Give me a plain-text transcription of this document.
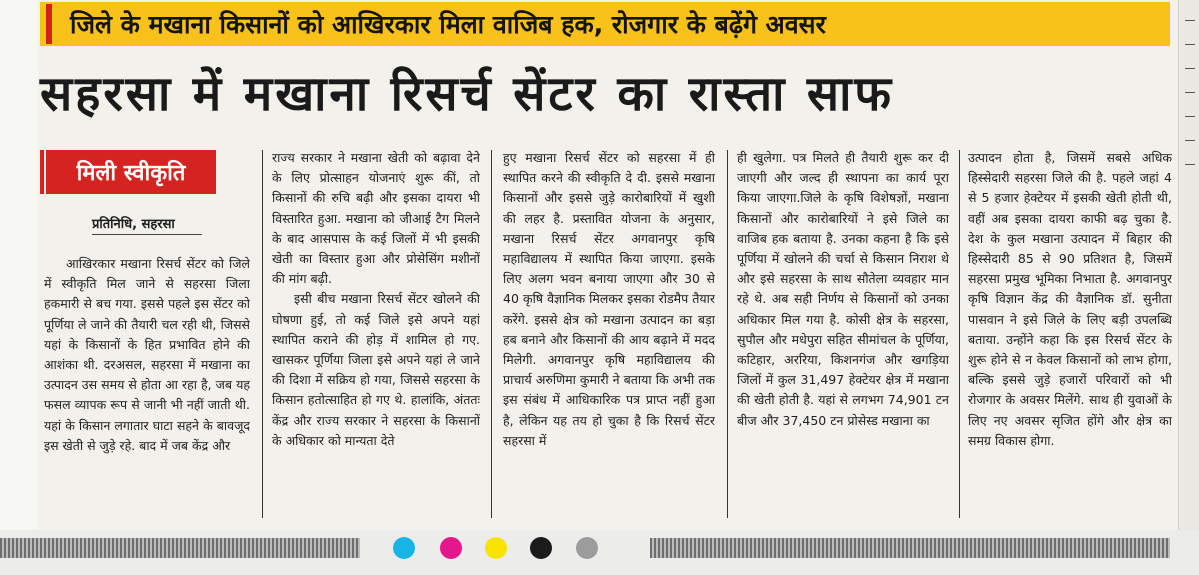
जिले के मखाना किसानों को आखिरकार मिला वाजिब हक, रोजगार के बढ़ेंगे अवसर
सहरसा में मखाना रिसर्च सेंटर का रास्ता साफ
मिली स्वीकृति
प्रतिनिधि, सहरसा

आखिरकार मखाना रिसर्च सेंटर को जिले में स्वीकृति मिल जाने से सहरसा जिला हकमारी से बच गया. इससे पहले इस सेंटर को पूर्णिया ले जाने की तैयारी चल रही थी, जिससे यहां के किसानों के हित प्रभावित होने की आशंका थी. दरअसल, सहरसा में मखाना का उत्पादन उस समय से होता आ रहा है, जब यह फसल व्यापक रूप से जानी भी नहीं जाती थी. यहां के किसान लगातार घाटा सहने के बावजूद इस खेती से जुड़े रहे. बाद में जब केंद्र और

राज्य सरकार ने मखाना खेती को बढ़ावा देने के लिए प्रोत्साहन योजनाएं शुरू कीं, तो किसानों की रुचि बढ़ी और इसका दायरा भी विस्तारित हुआ. मखाना को जीआई टैग मिलने के बाद आसपास के कई जिलों में भी इसकी खेती का विस्तार हुआ और प्रोसेसिंग मशीनों की मांग बढ़ी.

इसी बीच मखाना रिसर्च सेंटर खोलने की घोषणा हुई, तो कई जिले इसे अपने यहां स्थापित कराने की होड़ में शामिल हो गए. खासकर पूर्णिया जिला इसे अपने यहां ले जाने की दिशा में सक्रिय हो गया, जिससे सहरसा के किसान हतोत्साहित हो गए थे. हालांकि, अंततः केंद्र और राज्य सरकार ने सहरसा के किसानों के अधिकार को मान्यता देते

हुए मखाना रिसर्च सेंटर को सहरसा में ही स्थापित करने की स्वीकृति दे दी. इससे मखाना किसानों और इससे जुड़े कारोबारियों में खुशी की लहर है. प्रस्तावित योजना के अनुसार, मखाना रिसर्च सेंटर अगवानपुर कृषि महाविद्यालय में स्थापित किया जाएगा. इसके लिए अलग भवन बनाया जाएगा और 30 से 40 कृषि वैज्ञानिक मिलकर इसका रोडमैप तैयार करेंगे. इससे क्षेत्र को मखाना उत्पादन का बड़ा हब बनाने और किसानों की आय बढ़ाने में मदद मिलेगी. अगवानपुर कृषि महाविद्यालय की प्राचार्य अरुणिमा कुमारी ने बताया कि अभी तक इस संबंध में आधिकारिक पत्र प्राप्त नहीं हुआ है, लेकिन यह तय हो चुका है कि रिसर्च सेंटर सहरसा में

ही खुलेगा. पत्र मिलते ही तैयारी शुरू कर दी जाएगी और जल्द ही स्थापना का कार्य पूरा किया जाएगा.जिले के कृषि विशेषज्ञों, मखाना किसानों और कारोबारियों ने इसे जिले का वाजिब हक बताया है. उनका कहना है कि इसे पूर्णिया में खोलने की चर्चा से किसान निराश थे और इसे सहरसा के साथ सौतेला व्यवहार मान रहे थे. अब सही निर्णय से किसानों को उनका अधिकार मिल गया है. कोसी क्षेत्र के सहरसा, सुपौल और मधेपुरा सहित सीमांचल के पूर्णिया, कटिहार, अररिया, किशनगंज और खगड़िया जिलों में कुल 31,497 हेक्टेयर क्षेत्र में मखाना की खेती होती है. यहां से लगभग 74,901 टन बीज और 37,450 टन प्रोसेस्ड मखाना का

उत्पादन होता है, जिसमें सबसे अधिक हिस्सेदारी सहरसा जिले की है. पहले जहां 4 से 5 हजार हेक्टेयर में इसकी खेती होती थी, वहीं अब इसका दायरा काफी बढ़ चुका है. देश के कुल मखाना उत्पादन में बिहार की हिस्सेदारी 85 से 90 प्रतिशत है, जिसमें सहरसा प्रमुख भूमिका निभाता है. अगवानपुर कृषि विज्ञान केंद्र की वैज्ञानिक डॉ. सुनीता पासवान ने इसे जिले के लिए बड़ी उपलब्धि बताया. उन्होंने कहा कि इस रिसर्च सेंटर के शुरू होने से न केवल किसानों को लाभ होगा, बल्कि इससे जुड़े हजारों परिवारों को भी रोजगार के अवसर मिलेंगे. साथ ही युवाओं के लिए नए अवसर सृजित होंगे और क्षेत्र का समग्र विकास होगा.
